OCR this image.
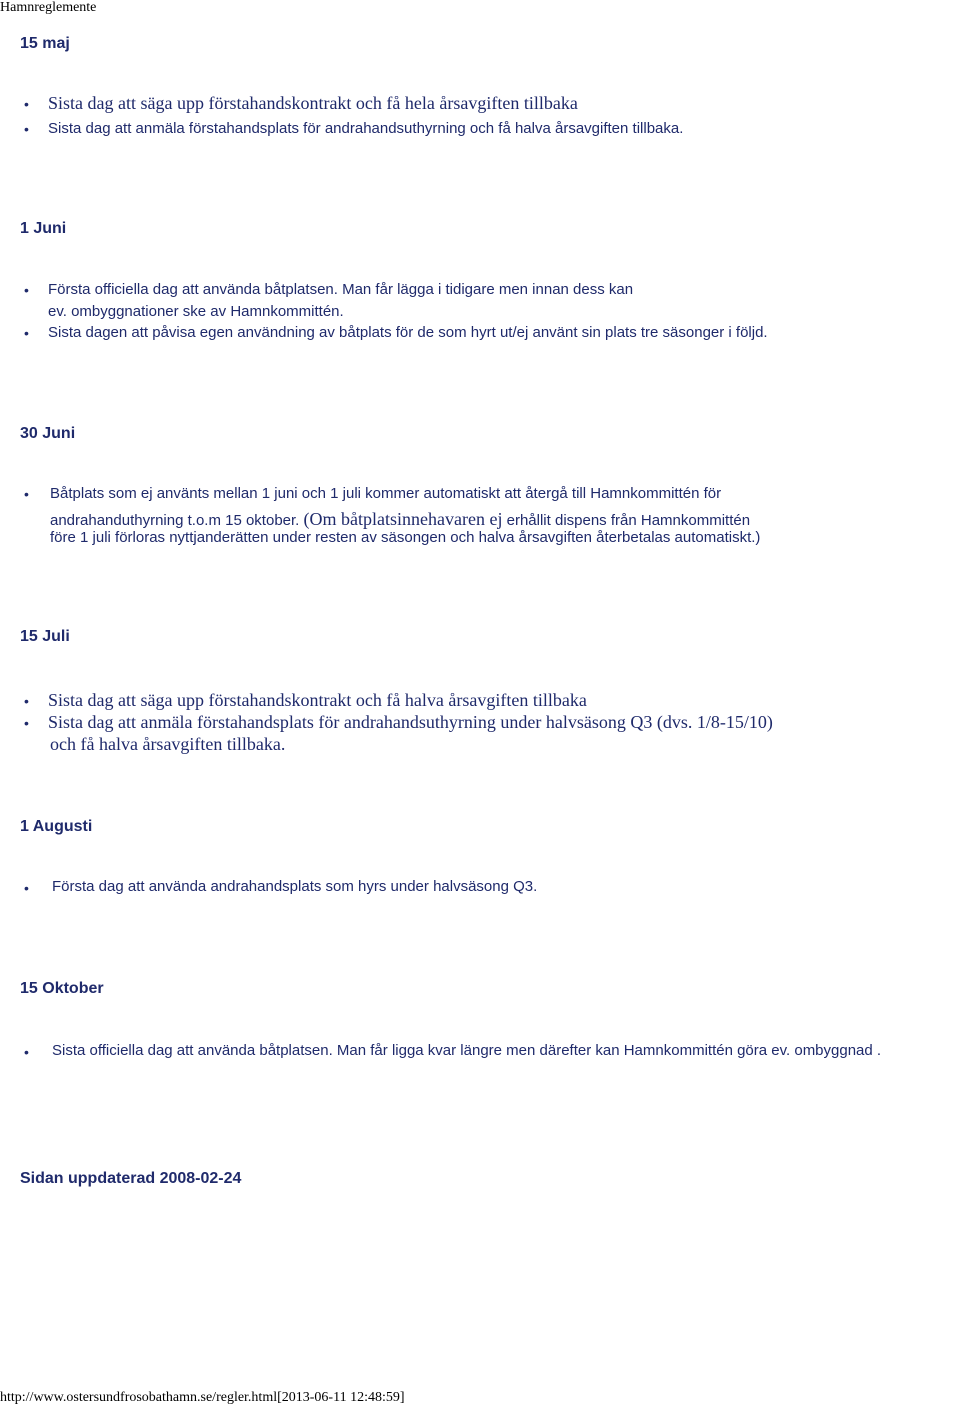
Hamnreglemente
15 maj
• Sista dag att säga upp förstahandskontrakt och få hela årsavgiften tillbaka
• Sista dag att anmäla förstahandsplats för andrahandsuthyrning och få halva årsavgiften tillbaka.
1 Juni
• Första officiella dag att använda båtplatsen. Man får lägga i tidigare men innan dess kan
ev. ombyggnationer ske av Hamnkommittén.
• Sista dagen att påvisa egen användning av båtplats för de som hyrt ut/ej använt sin plats tre säsonger i följd.
30 Juni
• Båtplats som ej använts mellan 1 juni och 1 juli kommer automatiskt att återgå till Hamnkommittén för
andrahanduthyrning t.o.m 15 oktober. (Om båtplatsinnehavaren ej erhållit dispens från Hamnkommittén
före 1 juli förloras nyttjanderätten under resten av säsongen och halva årsavgiften återbetalas automatiskt.)
15 Juli
• Sista dag att säga upp förstahandskontrakt och få halva årsavgiften tillbaka
• Sista dag att anmäla förstahandsplats för andrahandsuthyrning under halvsäsong Q3 (dvs. 1/8-15/10)
och få halva årsavgiften tillbaka.
1 Augusti
• Första dag att använda andrahandsplats som hyrs under halvsäsong Q3.
15 Oktober
• Sista officiella dag att använda båtplatsen. Man får ligga kvar längre men därefter kan Hamnkommittén göra ev. ombyggnad .
Sidan uppdaterad 2008-02-24
http://www.ostersundfrosobathamn.se/regler.html[2013-06-11 12:48:59]
